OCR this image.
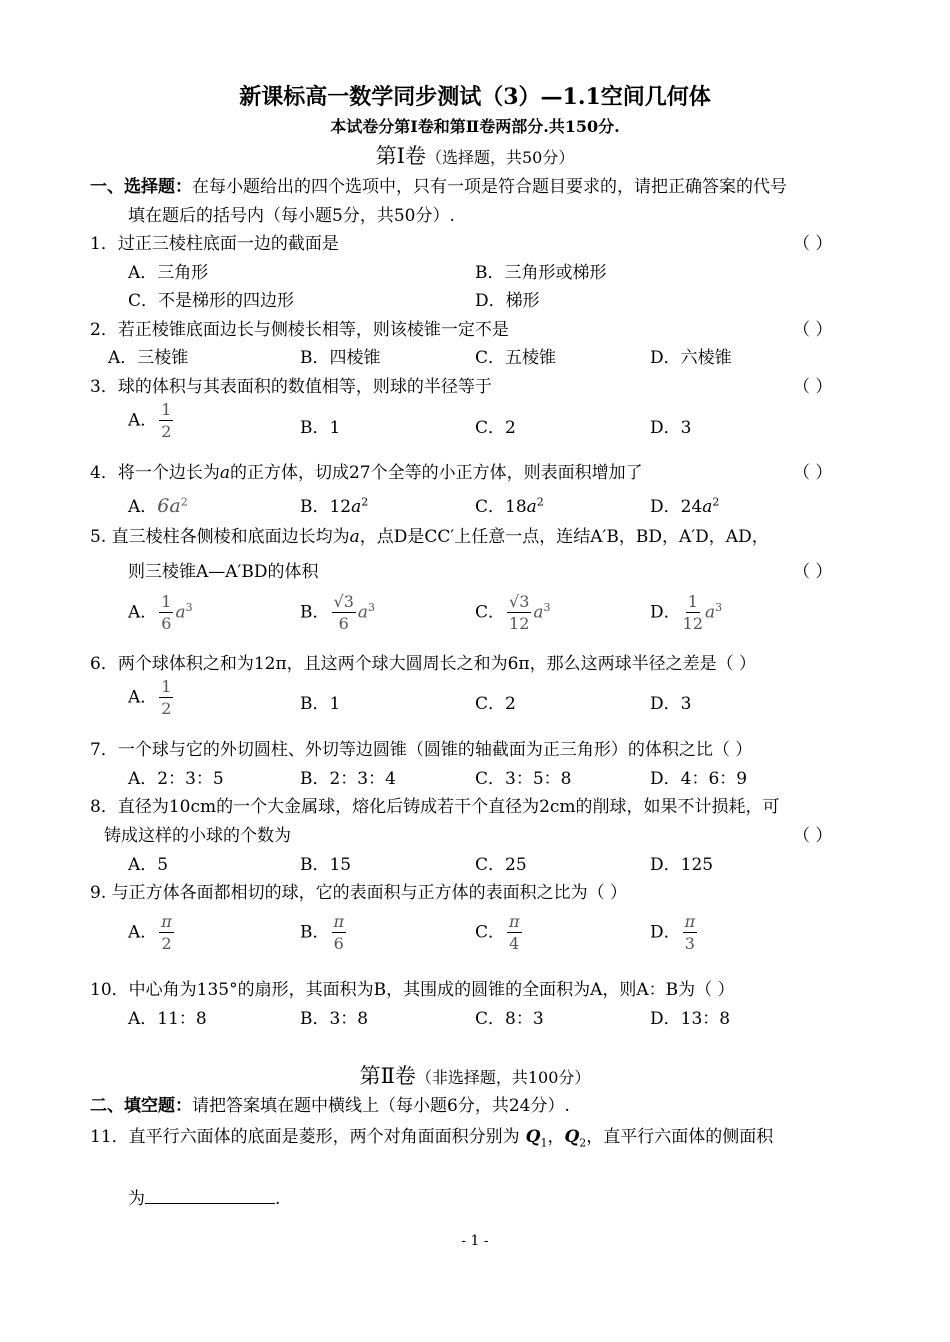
新课标高一数学同步测试（3）—1.1空间几何体
本试卷分第Ⅰ卷和第Ⅱ卷两部分.共150分.
第Ⅰ卷（选择题，共50分）
一、选择题：在每小题给出的四个选项中，只有一项是符合题目要求的，请把正确答案的代号
填在题后的括号内（每小题5分，共50分）.
1．过正三棱柱底面一边的截面是	（ ）
A．三角形	B．三角形或梯形
C．不是梯形的四边形	D．梯形
2．若正棱锥底面边长与侧棱长相等，则该棱锥一定不是	（ ）
A．三棱锥	B．四棱锥	C．五棱锥	D．六棱锥
3．球的体积与其表面积的数值相等，则球的半径等于	（ ）
A． $\frac{1}{2}$	B．1	C．2	D．3
4．将一个边长为a的正方体，切成27个全等的小正方体，则表面积增加了	（ ）
A．$6a^2$	B．$12a^2$	C．$18a^2$	D．$24a^2$
5. 直三棱柱各侧棱和底面边长均为a，点D是CC′上任意一点，连结A′B，BD，A′D，AD，
则三棱锥A—A′BD的体积	（ ）
A． $\frac{1}{6} a^3$	B． $\frac{√3}{6} a^3$	C． $\frac{√3}{12} a^3$	D． $\frac{1}{12} a^3$
6．两个球体积之和为12π，且这两个球大圆周长之和为6π，那么这两球半径之差是（ ）
A． $\frac{1}{2}$	B．1	C．2	D．3
7．一个球与它的外切圆柱、外切等边圆锥（圆锥的轴截面为正三角形）的体积之比（ ）
A．2：3：5	B．2：3：4	C．3：5：8	D．4：6：9
8．直径为10cm的一个大金属球，熔化后铸成若干个直径为2cm的削球，如果不计损耗，可
铸成这样的小球的个数为	（ ）
A．5	B．15	C．25	D．125
9. 与正方体各面都相切的球，它的表面积与正方体的表面积之比为（ ）
A． $\frac{\pi}{2}$	B． $\frac{\pi}{6}$	C． $\frac{\pi}{4}$	D． $\frac{\pi}{3}$
10．中心角为135°的扇形，其面积为B，其围成的圆锥的全面积为A，则A：B为（ ）
A．11：8	B．3：8	C．8：3	D．13：8
第Ⅱ卷（非选择题，共100分）
二、填空题：请把答案填在题中横线上（每小题6分，共24分）.
11．直平行六面体的底面是菱形，两个对角面面积分别为 $Q_1$，$Q_2$，直平行六面体的侧面积
为	.
- 1 -
